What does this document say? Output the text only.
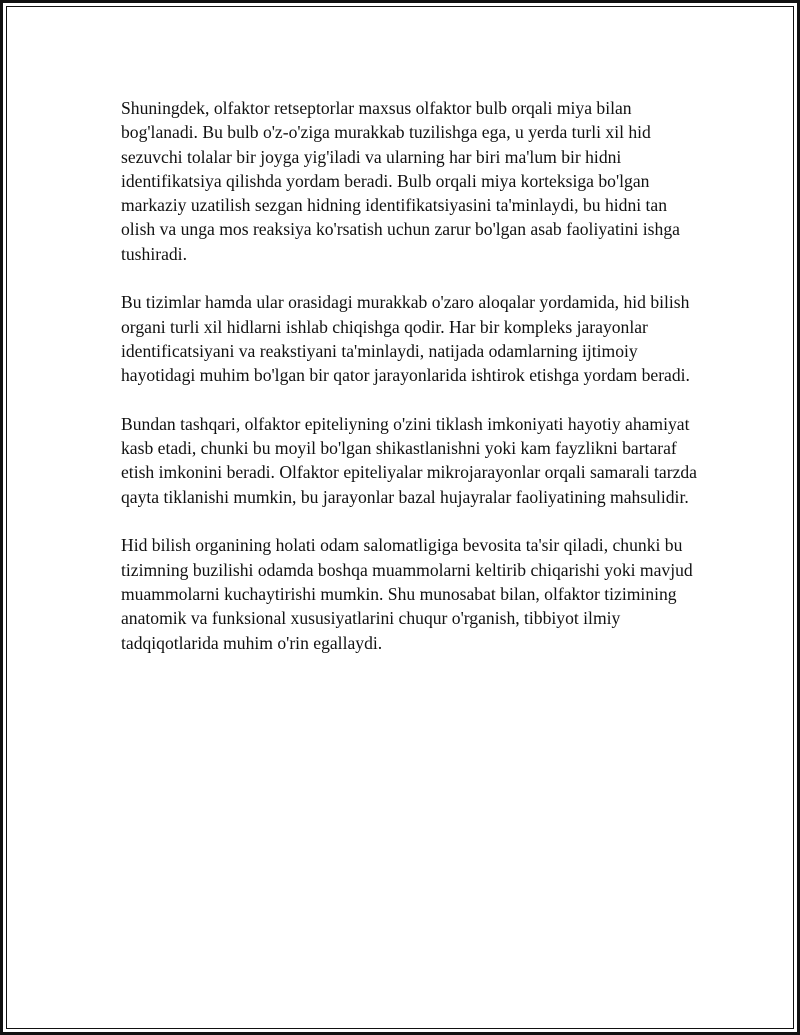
Shuningdek, olfaktor retseptorlar maxsus olfaktor bulb orqali miya bilan bog'lanadi. Bu bulb o'z-o'ziga murakkab tuzilishga ega, u yerda turli xil hid sezuvchi tolalar bir joyga yig'iladi va ularning har biri ma'lum bir hidni identifikatsiya qilishda yordam beradi. Bulb orqali miya korteksiga bo'lgan markaziy uzatilish sezgan hidning identifikatsiyasini ta'minlaydi, bu hidni tan olish va unga mos reaksiya ko'rsatish uchun zarur bo'lgan asab faoliyatini ishga tushiradi.

Bu tizimlar hamda ular orasidagi murakkab o'zaro aloqalar yordamida, hid bilish organi turli xil hidlarni ishlab chiqishga qodir. Har bir kompleks jarayonlar identificatsiyani va reakstiyani ta'minlaydi, natijada odamlarning ijtimoiy hayotidagi muhim bo'lgan bir qator jarayonlarida ishtirok etishga yordam beradi.

Bundan tashqari, olfaktor epiteliyning o'zini tiklash imkoniyati hayotiy ahamiyat kasb etadi, chunki bu moyil bo'lgan shikastlanishni yoki kam fayzlikni bartaraf etish imkonini beradi. Olfaktor epiteliyalar mikrojarayonlar orqali samarali tarzda qayta tiklanishi mumkin, bu jarayonlar bazal hujayralar faoliyatining mahsulidir.

Hid bilish organining holati odam salomatligiga bevosita ta'sir qiladi, chunki bu tizimning buzilishi odamda boshqa muammolarni keltirib chiqarishi yoki mavjud muammolarni kuchaytirishi mumkin. Shu munosabat bilan, olfaktor tizimining anatomik va funksional xususiyatlarini chuqur o'rganish, tibbiyot ilmiy tadqiqotlarida muhim o'rin egallaydi.
